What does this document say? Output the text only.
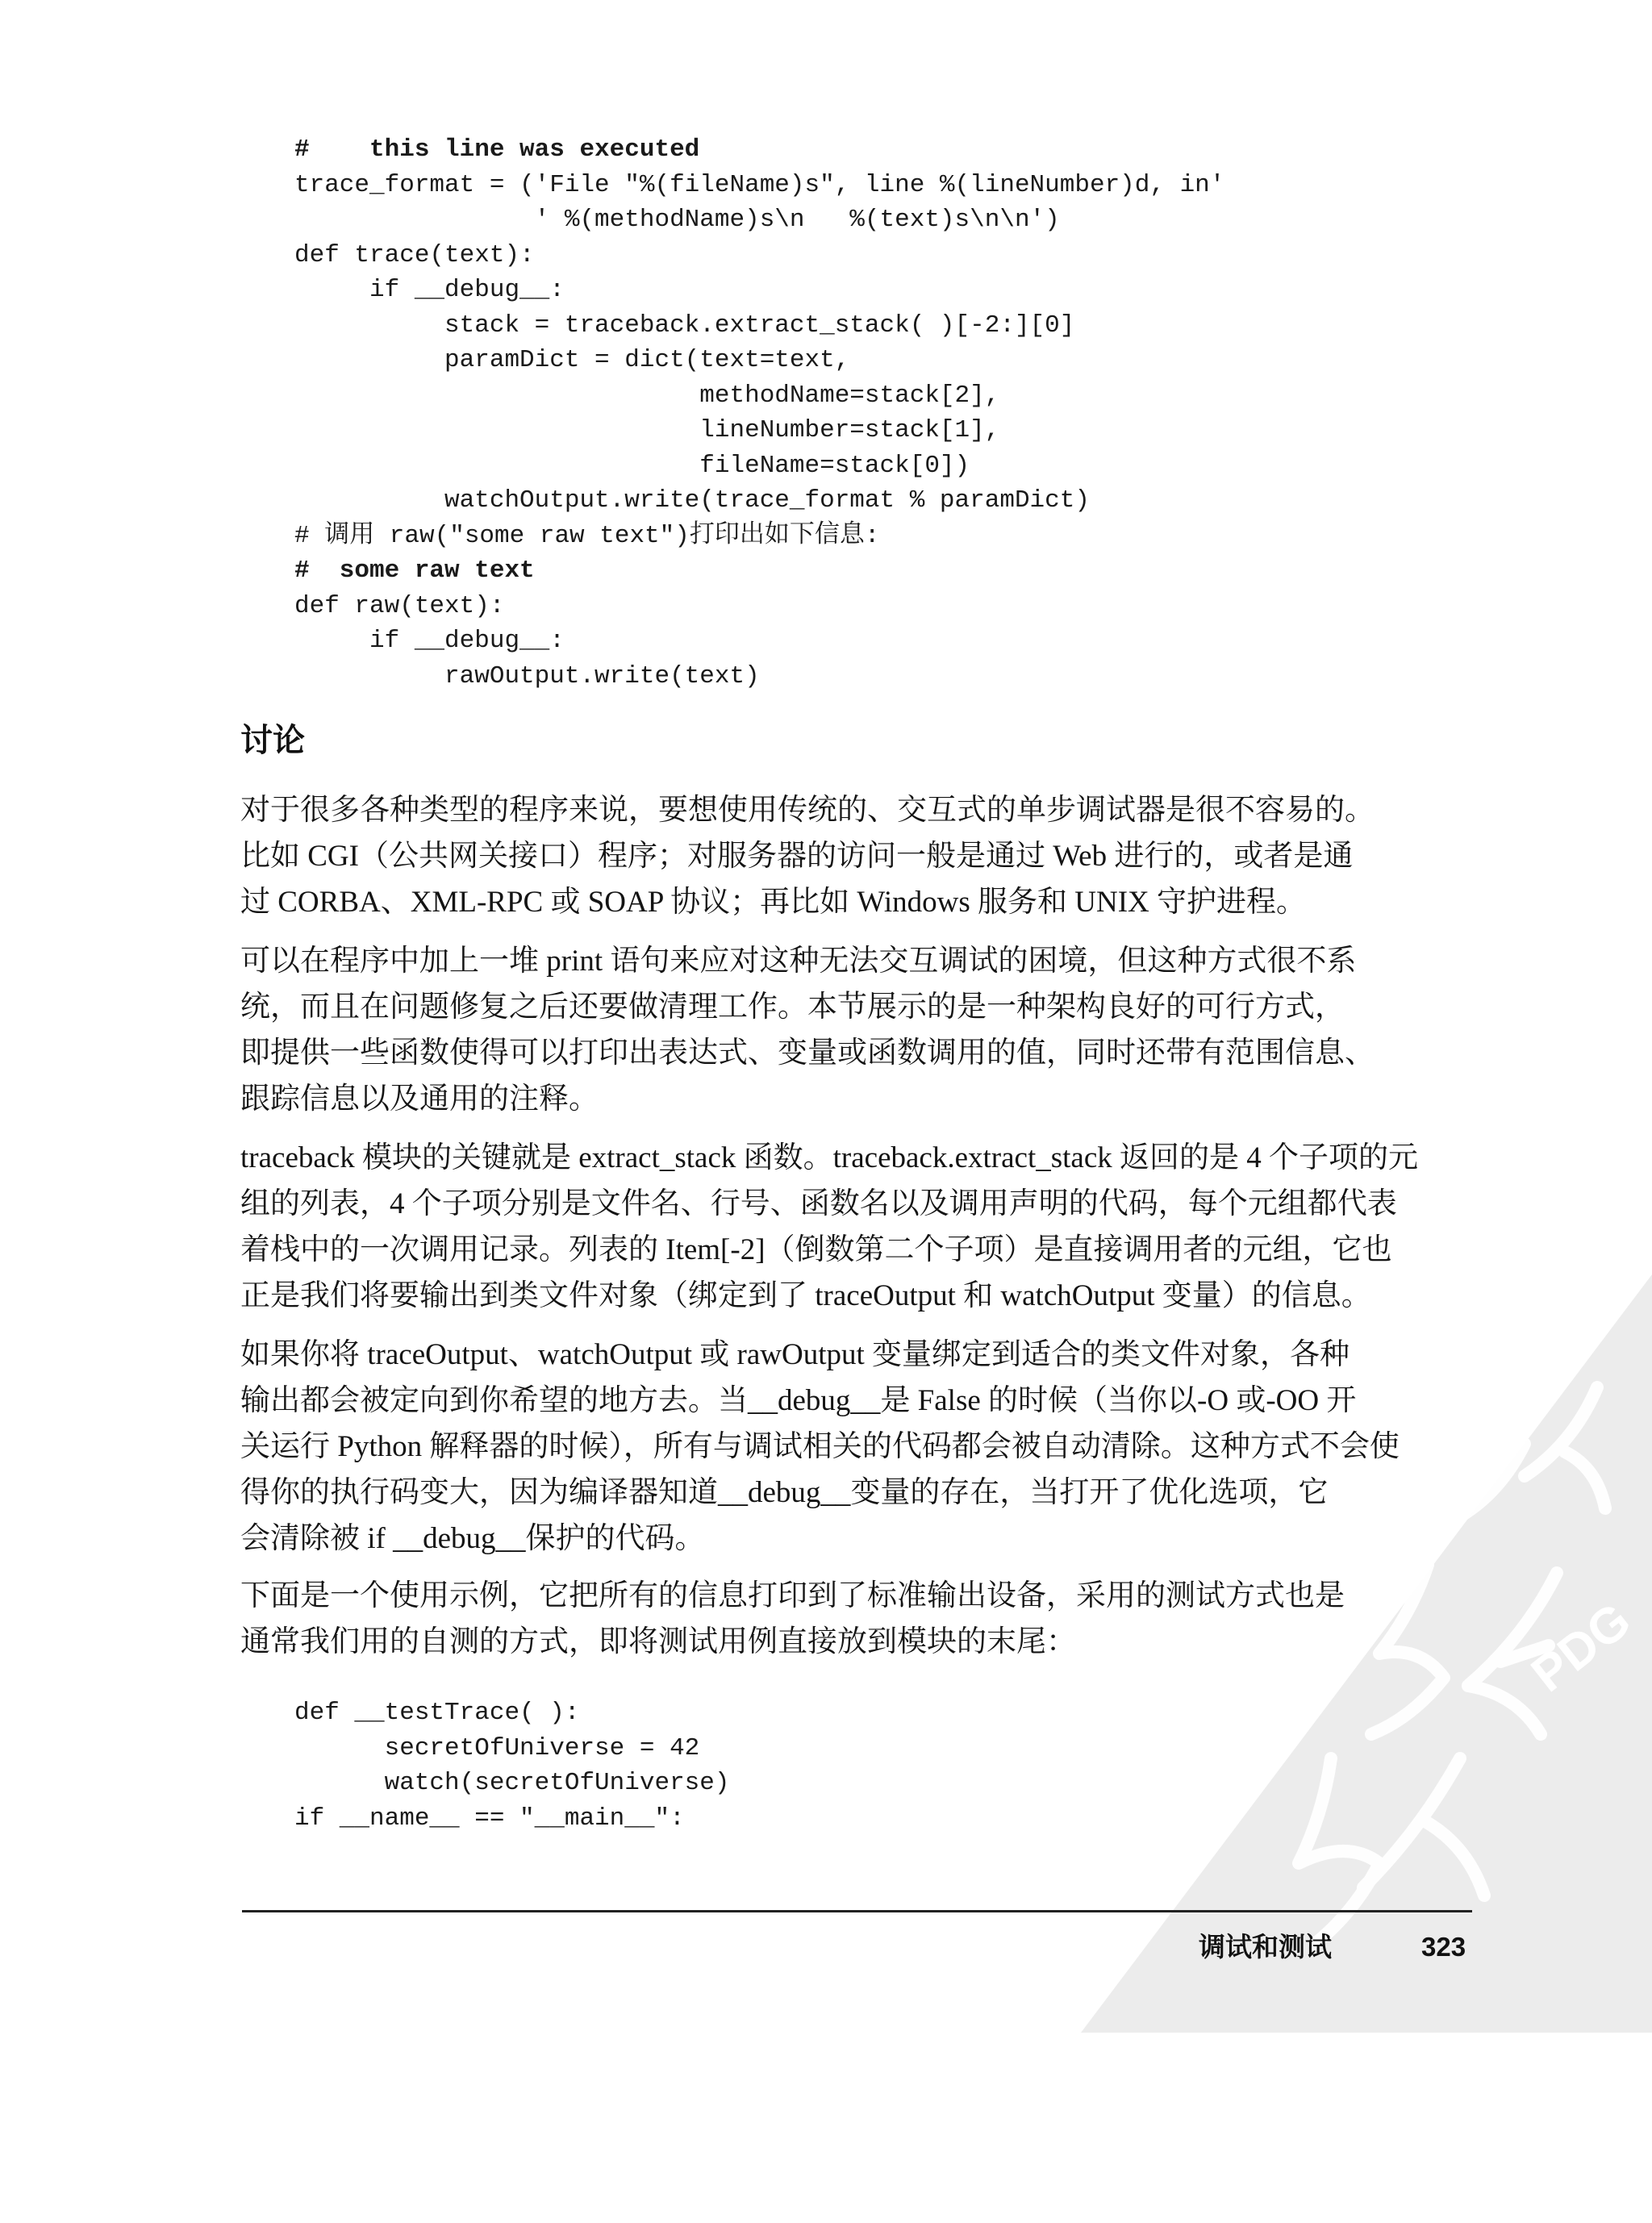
#    this line was executed
trace_format = ('File "%(fileName)s", line %(lineNumber)d, in'
' %(methodName)s\n   %(text)s\n\n')
def trace(text):
if __debug__:
stack = traceback.extract_stack( )[-2:][0]
paramDict = dict(text=text,
methodName=stack[2],
lineNumber=stack[1],
fileName=stack[0])
watchOutput.write(trace_format % paramDict)
# 调用 raw("some raw text")打印出如下信息:
#  some raw text
def raw(text):
if __debug__:
rawOutput.write(text)
讨论

对于很多各种类型的程序来说，要想使用传统的、交互式的单步调试器是很不容易的。
比如 CGI（公共网关接口）程序；对服务器的访问一般是通过 Web 进行的，或者是通
过 CORBA、XML-RPC 或 SOAP 协议；再比如 Windows 服务和 UNIX 守护进程。

可以在程序中加上一堆 print 语句来应对这种无法交互调试的困境，但这种方式很不系
统，而且在问题修复之后还要做清理工作。本节展示的是一种架构良好的可行方式，
即提供一些函数使得可以打印出表达式、变量或函数调用的值，同时还带有范围信息、
跟踪信息以及通用的注释。

traceback 模块的关键就是 extract_stack 函数。traceback.extract_stack 返回的是 4 个子项的元
组的列表，4 个子项分别是文件名、行号、函数名以及调用声明的代码，每个元组都代表
着栈中的一次调用记录。列表的 Item[-2]（倒数第二个子项）是直接调用者的元组，它也
正是我们将要输出到类文件对象（绑定到了 traceOutput 和 watchOutput 变量）的信息。

如果你将 traceOutput、watchOutput 或 rawOutput 变量绑定到适合的类文件对象，各种
输出都会被定向到你希望的地方去。当__debug__是 False 的时候（当你以-O 或-OO 开
关运行 Python 解释器的时候），所有与调试相关的代码都会被自动清除。这种方式不会使
得你的执行码变大，因为编译器知道__debug__变量的存在，当打开了优化选项，它
会清除被 if __debug__保护的代码。

下面是一个使用示例，它把所有的信息打印到了标准输出设备，采用的测试方式也是
通常我们用的自测的方式，即将测试用例直接放到模块的末尾：

def __testTrace( ):
secretOfUniverse = 42
watch(secretOfUniverse)
if __name__ == "__main__":
PDG
调试和测试	323
